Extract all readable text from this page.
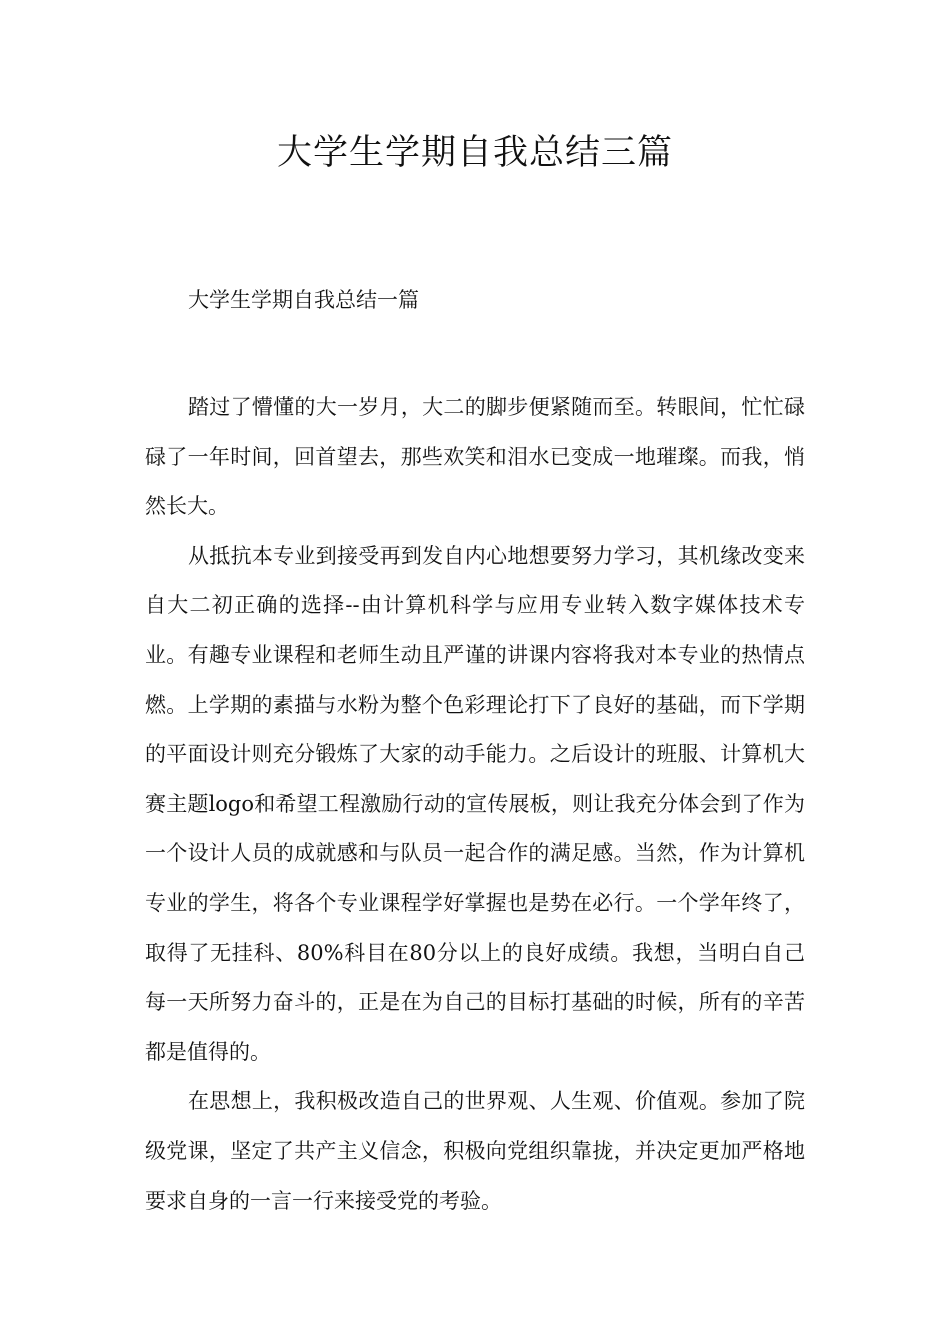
大学生学期自我总结三篇
大学生学期自我总结一篇

踏过了懵懂的大一岁月，大二的脚步便紧随而至。转眼间，忙忙碌碌了一年时间，回首望去，那些欢笑和泪水已变成一地璀璨。而我，悄然长大。

从抵抗本专业到接受再到发自内心地想要努力学习，其机缘改变来自大二初正确的选择--由计算机科学与应用专业转入数字媒体技术专业。有趣专业课程和老师生动且严谨的讲课内容将我对本专业的热情点燃。上学期的素描与水粉为整个色彩理论打下了良好的基础，而下学期的平面设计则充分锻炼了大家的动手能力。之后设计的班服、计算机大赛主题logo和希望工程激励行动的宣传展板，则让我充分体会到了作为一个设计人员的成就感和与队员一起合作的满足感。当然，作为计算机专业的学生，将各个专业课程学好掌握也是势在必行。一个学年终了，取得了无挂科、80%科目在80分以上的良好成绩。我想，当明白自己每一天所努力奋斗的，正是在为自己的目标打基础的时候，所有的辛苦都是值得的。

在思想上，我积极改造自己的世界观、人生观、价值观。参加了院级党课，坚定了共产主义信念，积极向党组织靠拢，并决定更加严格地要求自身的一言一行来接受党的考验。
